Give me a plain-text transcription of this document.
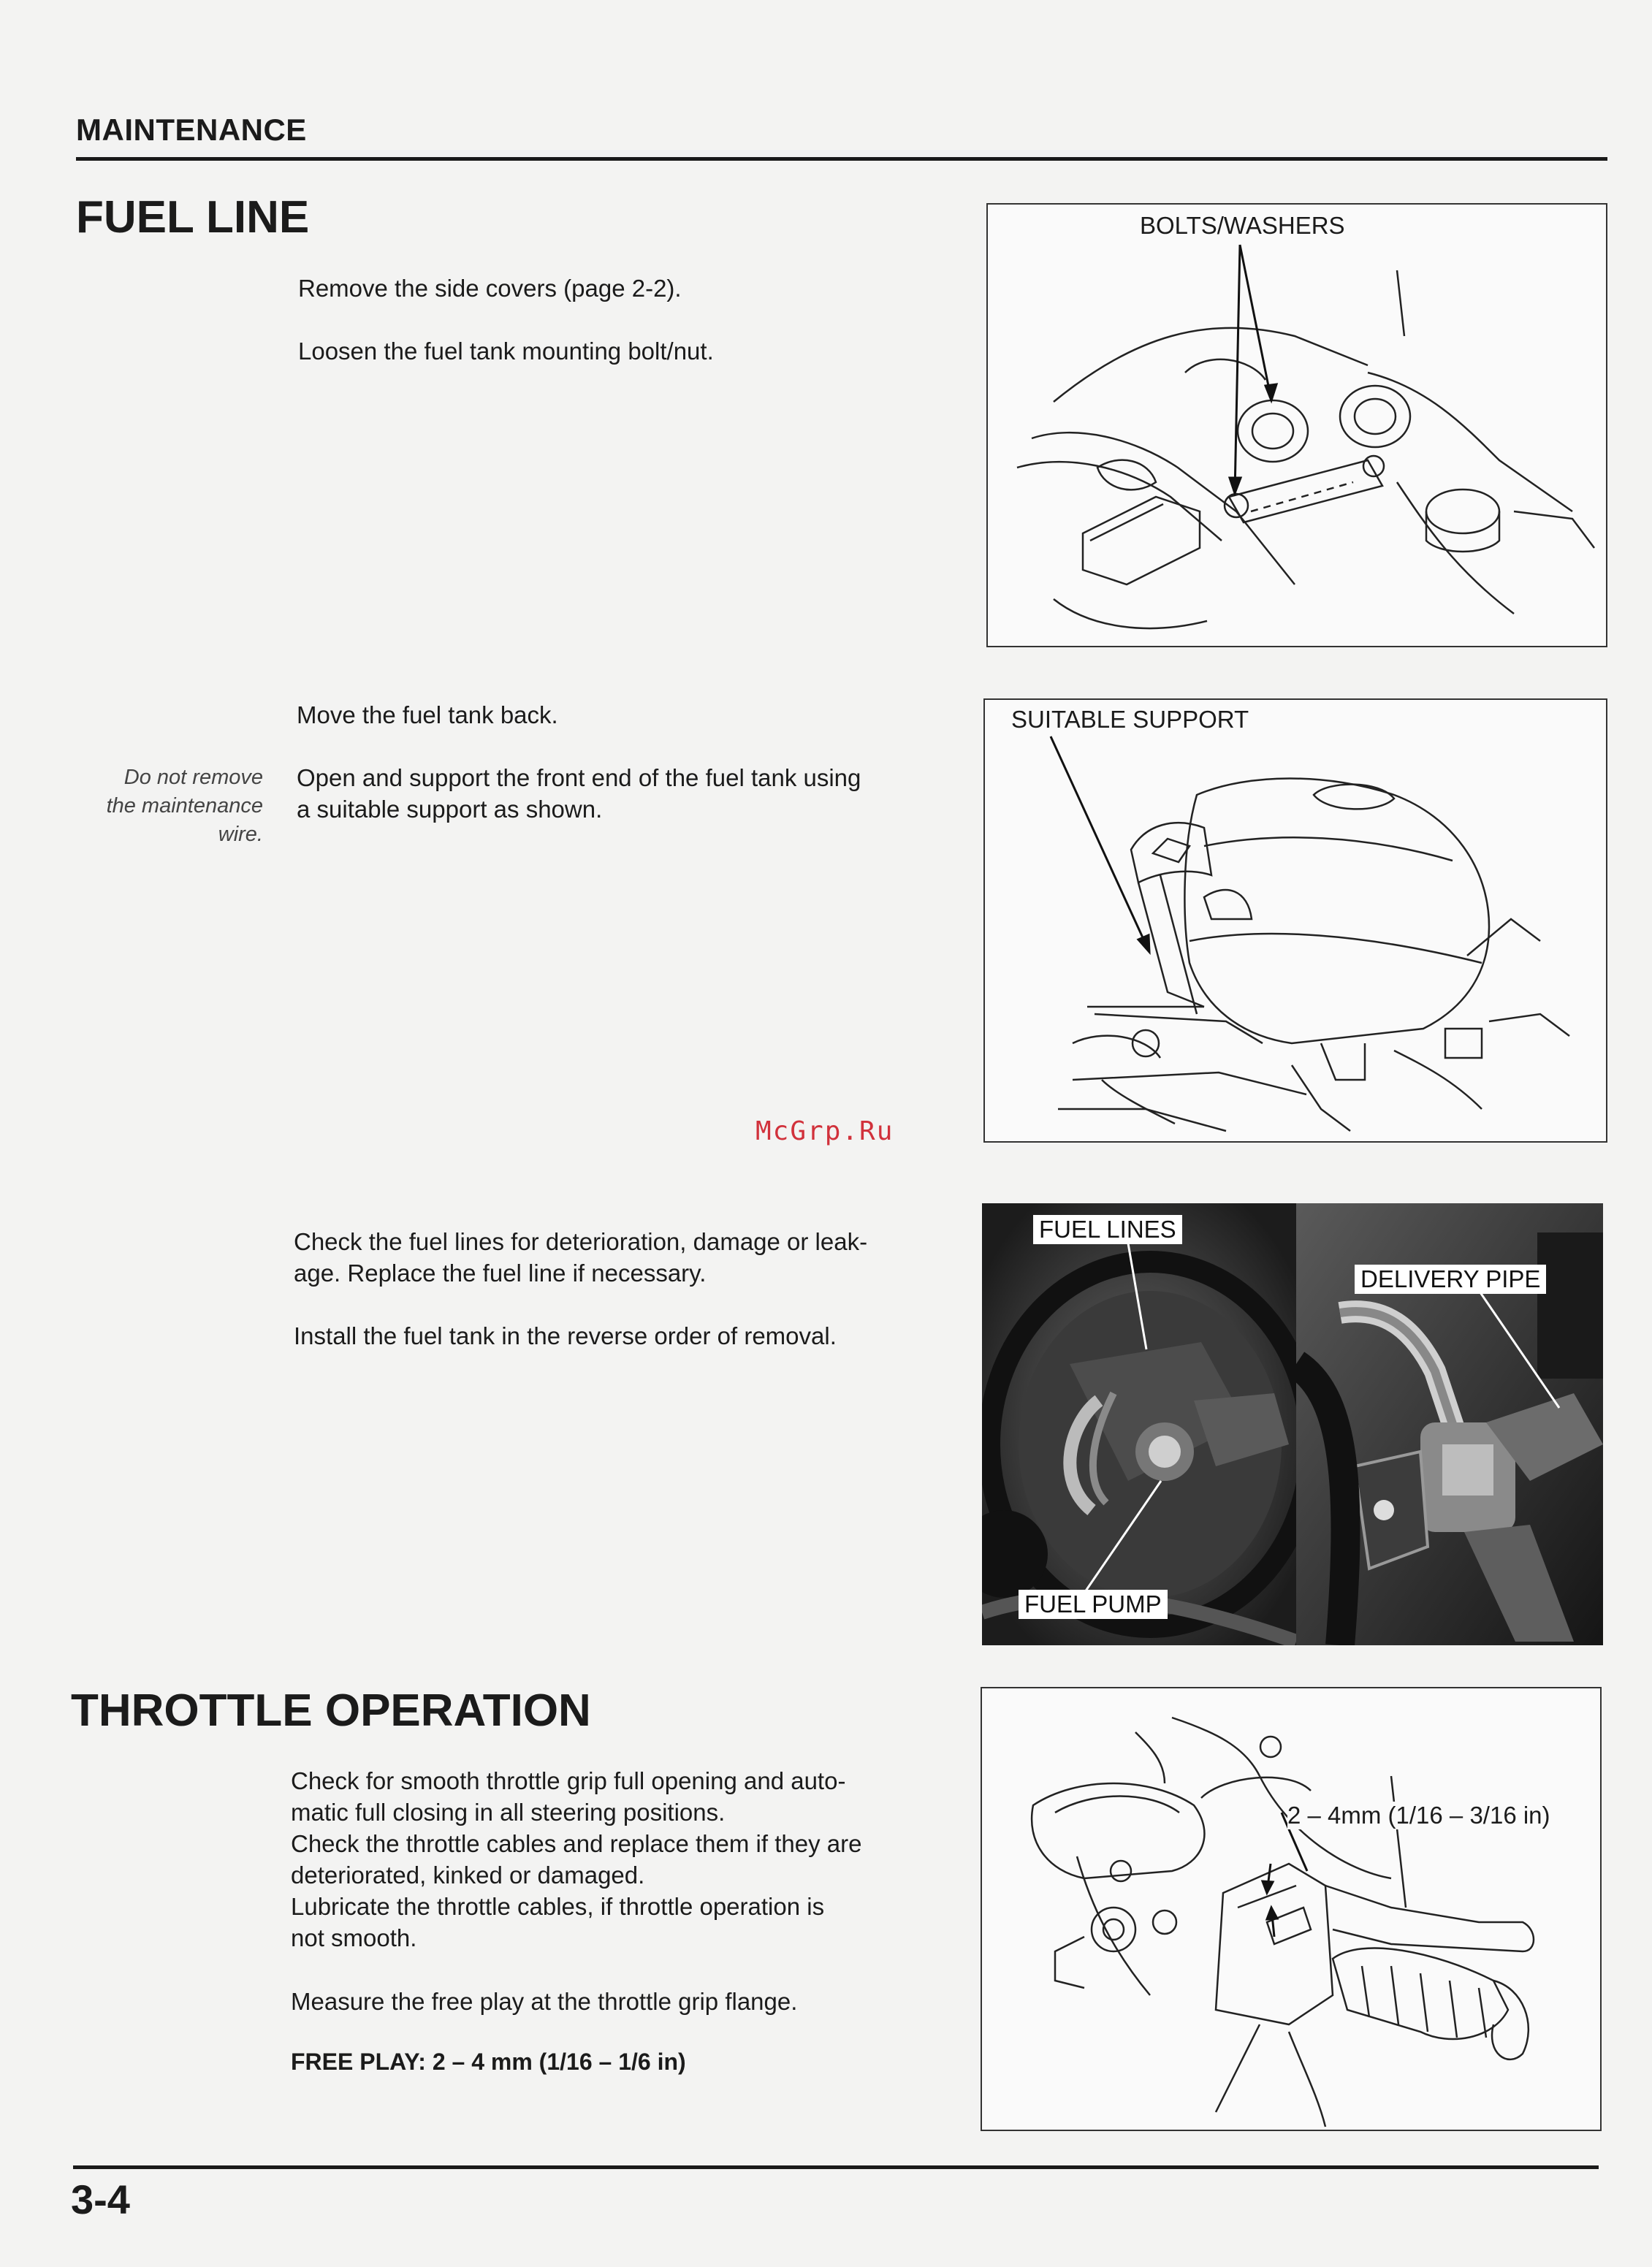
MAINTENANCE
FUEL LINE
Remove the side covers (page 2-2).
Loosen the fuel tank mounting bolt/nut.
BOLTS/WASHERS
Move the fuel tank back.
Do not remove
the maintenance
wire.

Open and support the front end of the fuel tank using

a suitable support as shown.

SUITABLE SUPPORT
McGrp.Ru

Check the fuel lines for deterioration, damage or leak-

age. Replace the fuel line if necessary.

Install the fuel tank in the reverse order of removal.
FUEL LINES
FUEL PUMP
DELIVERY PIPE
THROTTLE OPERATION

Check for smooth throttle grip full opening and auto-

matic full closing in all steering positions.

Check the throttle cables and replace them if they are

deteriorated, kinked or damaged.

Lubricate the throttle cables, if throttle operation is

not smooth.

Measure the free play at the throttle grip flange.
FREE PLAY: 2 – 4 mm (1/16 – 1/6 in)
2 – 4mm (1/16 – 3/16 in)
3-4
